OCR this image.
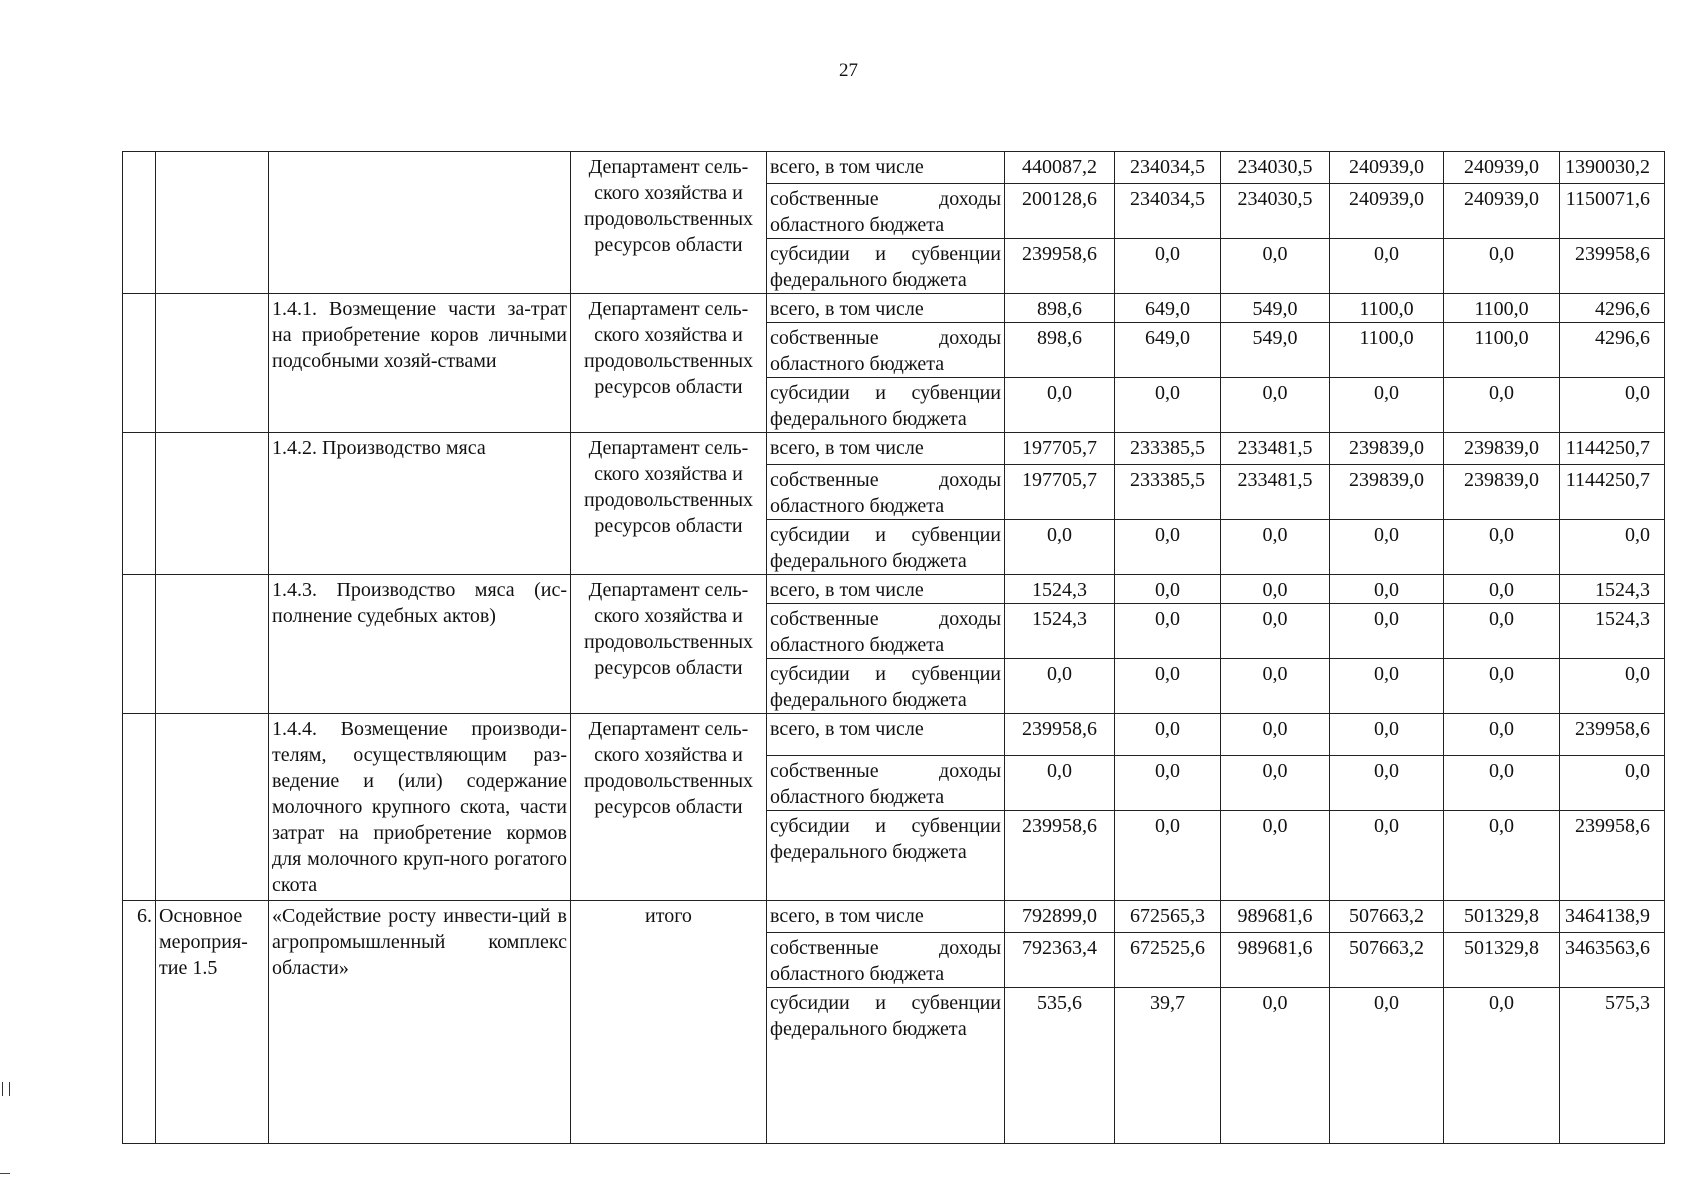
27
			Департамент сель-ского хозяйства и продовольственных ресурсов области	всего, в том числе	440087,2	234034,5	234030,5	240939,0	240939,0	1390030,2
				собственные доходы областного бюджета	200128,6	234034,5	234030,5	240939,0	240939,0	1150071,6
				субсидии и субвенции федерального бюджета	239958,6	0,0	0,0	0,0	0,0	239958,6
		1.4.1. Возмещение части за-трат на приобретение коров личными подсобными хозяй-ствами	Департамент сель-ского хозяйства и продовольственных ресурсов области	всего, в том числе	898,6	649,0	549,0	1100,0	1100,0	4296,6
				собственные доходы областного бюджета	898,6	649,0	549,0	1100,0	1100,0	4296,6
				субсидии и субвенции федерального бюджета	0,0	0,0	0,0	0,0	0,0	0,0
		1.4.2. Производство мяса	Департамент сель-ского хозяйства и продовольственных ресурсов области	всего, в том числе	197705,7	233385,5	233481,5	239839,0	239839,0	1144250,7
				собственные доходы областного бюджета	197705,7	233385,5	233481,5	239839,0	239839,0	1144250,7
				субсидии и субвенции федерального бюджета	0,0	0,0	0,0	0,0	0,0	0,0
		1.4.3. Производство мяса (ис-полнение судебных актов)	Департамент сель-ского хозяйства и продовольственных ресурсов области	всего, в том числе	1524,3	0,0	0,0	0,0	0,0	1524,3
				собственные доходы областного бюджета	1524,3	0,0	0,0	0,0	0,0	1524,3
				субсидии и субвенции федерального бюджета	0,0	0,0	0,0	0,0	0,0	0,0
		1.4.4. Возмещение производи-телям, осуществляющим раз-ведение и (или) содержание молочного крупного скота, части затрат на приобретение кормов для молочного круп-ного рогатого скота	Департамент сель-ского хозяйства и продовольственных ресурсов области	всего, в том числе	239958,6	0,0	0,0	0,0	0,0	239958,6
				собственные доходы областного бюджета	0,0	0,0	0,0	0,0	0,0	0,0
				субсидии и субвенции федерального бюджета	239958,6	0,0	0,0	0,0	0,0	239958,6
6.	Основное мероприя-тие 1.5	«Содействие росту инвести-ций в агропромышленный комплекс области»	итого	всего, в том числе	792899,0	672565,3	989681,6	507663,2	501329,8	3464138,9
				собственные доходы областного бюджета	792363,4	672525,6	989681,6	507663,2	501329,8	3463563,6
				субсидии и субвенции федерального бюджета	535,6	39,7	0,0	0,0	0,0	575,3
